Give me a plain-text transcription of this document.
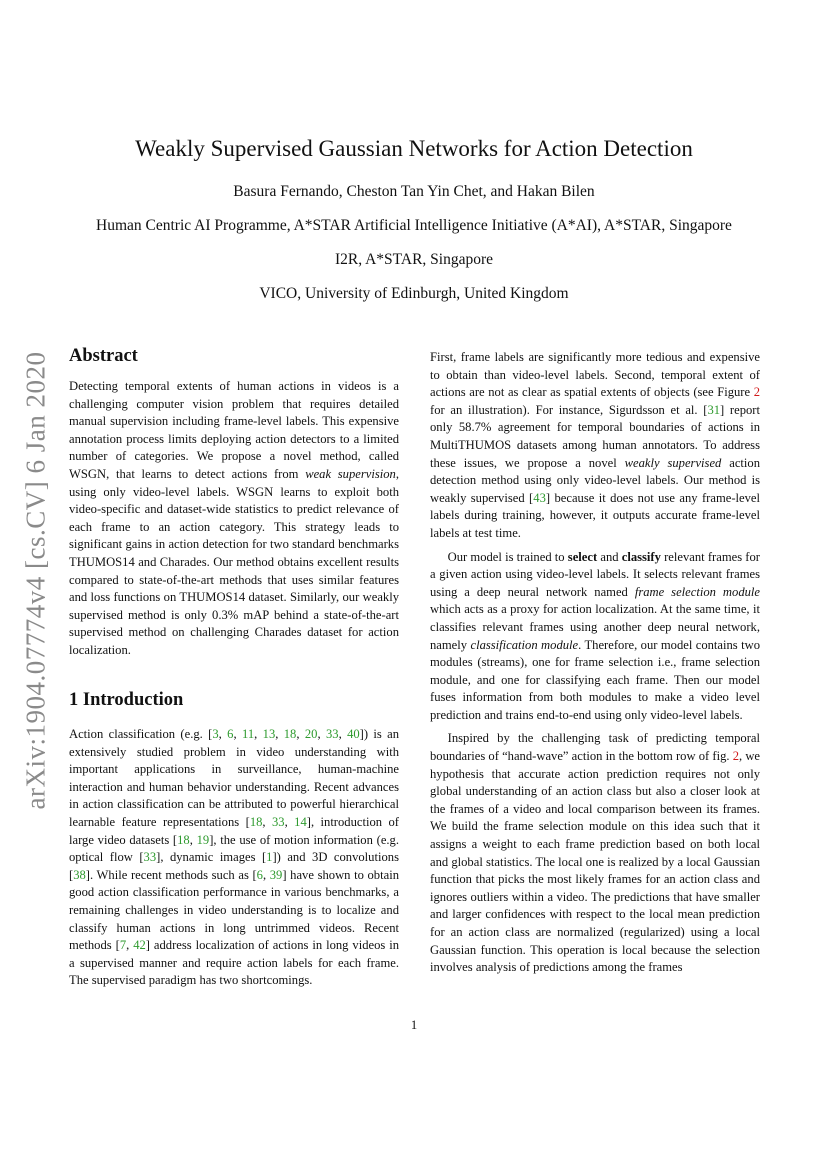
arXiv:1904.07774v4 [cs.CV] 6 Jan 2020
Weakly Supervised Gaussian Networks for Action Detection
Basura Fernando, Cheston Tan Yin Chet, and Hakan Bilen
Human Centric AI Programme, A*STAR Artificial Intelligence Initiative (A*AI), A*STAR, Singapore
I2R, A*STAR, Singapore
VICO, University of Edinburgh, United Kingdom
Abstract

Detecting temporal extents of human actions in videos is a challenging computer vision problem that requires detailed manual supervision including frame-level labels. This expensive annotation process limits deploying action detectors to a limited number of categories. We propose a novel method, called WSGN, that learns to detect actions from weak supervision, using only video-level labels. WSGN learns to exploit both video-specific and dataset-wide statistics to predict relevance of each frame to an action category. This strategy leads to significant gains in action detection for two standard benchmarks THUMOS14 and Charades. Our method obtains excellent results compared to state-of-the-art methods that uses similar features and loss functions on THUMOS14 dataset. Similarly, our weakly supervised method is only 0.3% mAP behind a state-of-the-art supervised method on challenging Charades dataset for action localization.

1 Introduction

Action classification (e.g. [3, 6, 11, 13, 18, 20, 33, 40]) is an extensively studied problem in video understanding with important applications in surveillance, human-machine interaction and human behavior understanding. Recent advances in action classification can be attributed to powerful hierarchical learnable feature representations [18, 33, 14], introduction of large video datasets [18, 19], the use of motion information (e.g. optical flow [33], dynamic images [1]) and 3D convolutions [38]. While recent methods such as [6, 39] have shown to obtain good action classification performance in various benchmarks, a remaining challenges in video understanding is to localize and classify human actions in long untrimmed videos. Recent methods [7, 42] address localization of actions in long videos in a supervised manner and require action labels for each frame. The supervised paradigm has two shortcomings.

First, frame labels are significantly more tedious and expensive to obtain than video-level labels. Second, temporal extent of actions are not as clear as spatial extents of objects (see Figure 2 for an illustration). For instance, Sigurdsson et al. [31] report only 58.7% agreement for temporal boundaries of actions in MultiTHUMOS datasets among human annotators. To address these issues, we propose a novel weakly supervised action detection method using only video-level labels. Our method is weakly supervised [43] because it does not use any frame-level labels during training, however, it outputs accurate frame-level labels at test time.

Our model is trained to select and classify relevant frames for a given action using video-level labels. It selects relevant frames using a deep neural network named frame selection module which acts as a proxy for action localization. At the same time, it classifies relevant frames using another deep neural network, namely classification module. Therefore, our model contains two modules (streams), one for frame selection i.e., frame selection module, and one for classifying each frame. Then our model fuses information from both modules to make a video level prediction and trains end-to-end using only video-level labels.

Inspired by the challenging task of predicting temporal boundaries of “hand-wave” action in the bottom row of fig. 2, we hypothesis that accurate action prediction requires not only global understanding of an action class but also a closer look at the frames of a video and local comparison between its frames. We build the frame selection module on this idea such that it assigns a weight to each frame prediction based on both local and global statistics. The local one is realized by a local Gaussian function that picks the most likely frames for an action class and ignores outliers within a video. The predictions that have smaller and larger confidences with respect to the local mean prediction for an action class are normalized (regularized) using a local Gaussian function. This operation is local because the selection involves analysis of predictions among the frames

1
